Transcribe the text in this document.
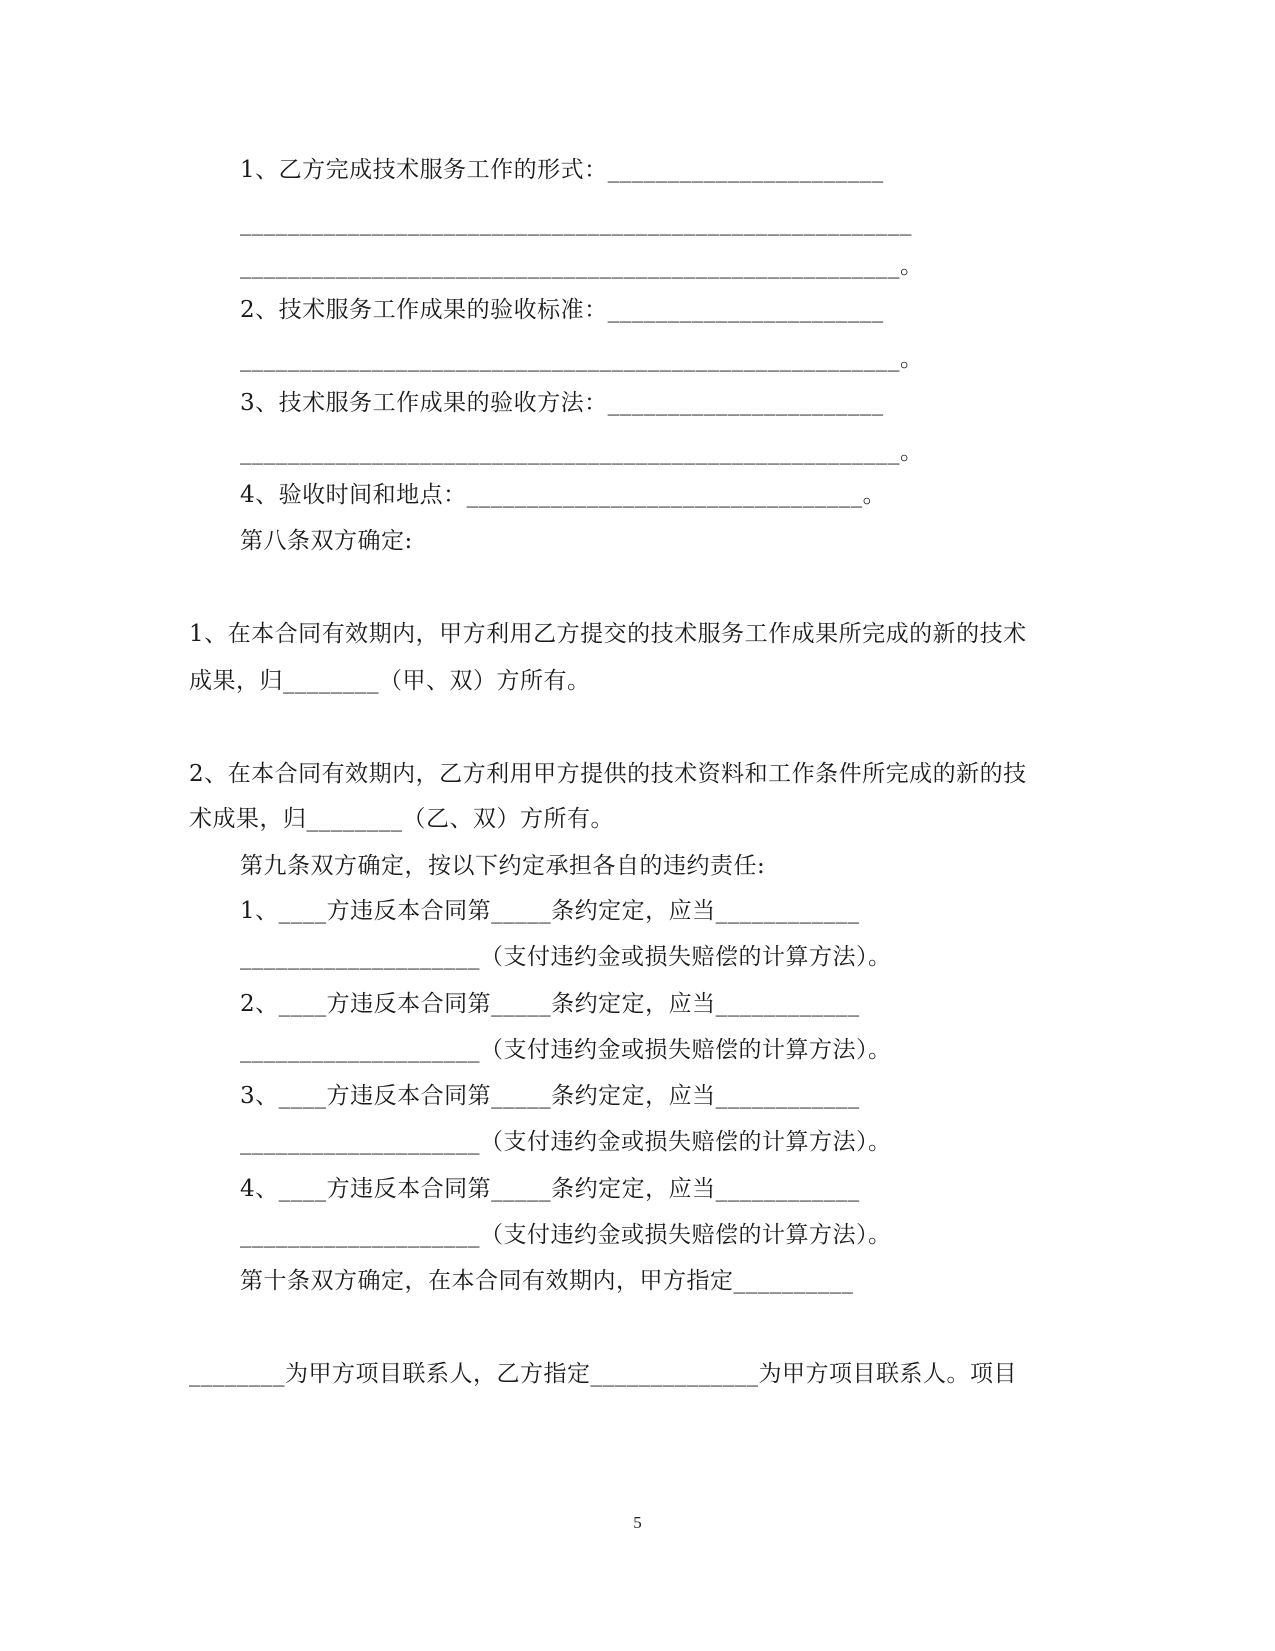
1、乙方完成技术服务工作的形式：_______________________
________________________________________________________
_______________________________________________________。
2、技术服务工作成果的验收标准：_______________________
_______________________________________________________。
3、技术服务工作成果的验收方法：_______________________
_______________________________________________________。
4、验收时间和地点：_________________________________。
第八条双方确定:
1、在本合同有效期内，甲方利用乙方提交的技术服务工作成果所完成的新的技术
成果，归________（甲、双）方所有。
2、在本合同有效期内，乙方利用甲方提供的技术资料和工作条件所完成的新的技
术成果，归________（乙、双）方所有。
第九条双方确定，按以下约定承担各自的违约责任:
1、____方违反本合同第_____条约定定，应当____________
____________________（支付违约金或损失赔偿的计算方法）。
2、____方违反本合同第_____条约定定，应当____________
____________________（支付违约金或损失赔偿的计算方法）。
3、____方违反本合同第_____条约定定，应当____________
____________________（支付违约金或损失赔偿的计算方法）。
4、____方违反本合同第_____条约定定，应当____________
____________________（支付违约金或损失赔偿的计算方法）。
第十条双方确定，在本合同有效期内，甲方指定__________
________为甲方项目联系人，乙方指定______________为甲方项目联系人。项目
5
